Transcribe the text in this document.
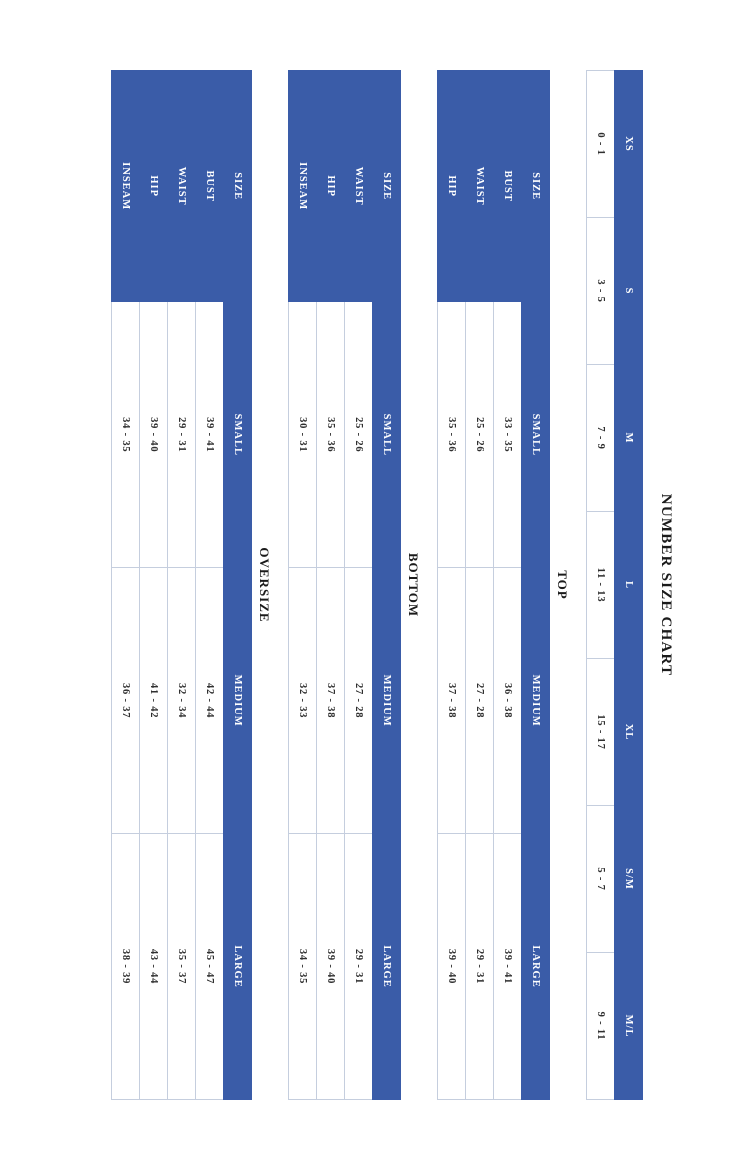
NUMBER SIZE CHART
XS	S	M	L	XL	S/M	M/L
0 - 1	3 - 5	7 - 9	11 - 13	15 - 17	5 - 7	9 - 11
TOP
SIZE	SMALL	MEDIUM	LARGE
BUST	33 - 35	36 - 38	39 - 41
WAIST	25 - 26	27 - 28	29 - 31
HIP	35 - 36	37 - 38	39 - 40
BOTTOM
SIZE	SMALL	MEDIUM	LARGE
WAIST	25 - 26	27 - 28	29 - 31
HIP	35 - 36	37 - 38	39 - 40
INSEAM	30 - 31	32 - 33	34 - 35
OVERSIZE
SIZE	SMALL	MEDIUM	LARGE
BUST	39 - 41	42 - 44	45 - 47
WAIST	29 - 31	32 - 34	35 - 37
HIP	39 - 40	41 - 42	43 - 44
INSEAM	34 - 35	36 - 37	38 - 39
